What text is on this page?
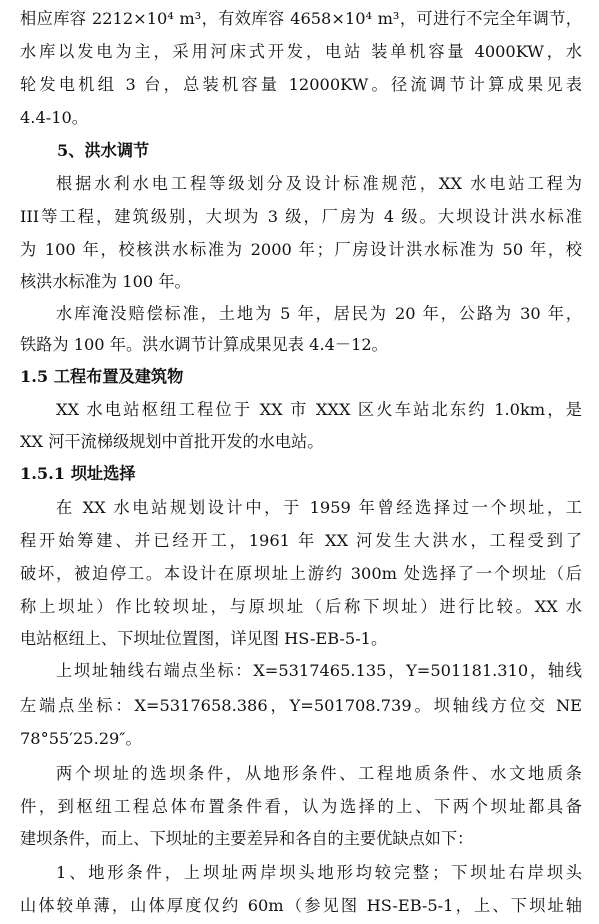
相应库容 2212×10⁴ m³，有效库容 4658×10⁴ m³，可进行不完全年调节，
水库以发电为主，采用河床式开发，电站 装单机容量 4000KW，水
轮发电机组 3 台，总装机容量 12000KW。径流调节计算成果见表
4.4-10。
5、洪水调节
根据水利水电工程等级划分及设计标准规范，XX 水电站工程为
III等工程，建筑级别，大坝为 3 级，厂房为 4 级。大坝设计洪水标准
为 100 年，校核洪水标准为 2000 年；厂房设计洪水标准为 50 年，校
核洪水标准为 100 年。
水库淹没赔偿标准，土地为 5 年，居民为 20 年，公路为 30 年，
铁路为 100 年。洪水调节计算成果见表 4.4－12。
1.5 工程布置及建筑物
XX 水电站枢纽工程位于 XX 市 XXX 区火车站北东约 1.0km，是
XX 河干流梯级规划中首批开发的水电站。
1.5.1 坝址选择
在 XX 水电站规划设计中，于 1959 年曾经选择过一个坝址，工
程开始筹建、并已经开工，1961 年 XX 河发生大洪水，工程受到了
破坏，被迫停工。本设计在原坝址上游约 300m 处选择了一个坝址（后
称上坝址）作比较坝址，与原坝址（后称下坝址）进行比较。XX 水
电站枢纽上、下坝址位置图，详见图 HS-EB-5-1。
上坝址轴线右端点坐标：X=5317465.135，Y=501181.310，轴线
左端点坐标：X=5317658.386，Y=501708.739。坝轴线方位交 NE
78°55′25.29″。
两个坝址的选坝条件，从地形条件、工程地质条件、水文地质条
件，到枢纽工程总体布置条件看，认为选择的上、下两个坝址都具备
建坝条件，而上、下坝址的主要差异和各自的主要优缺点如下：
1、地形条件，上坝址两岸坝头地形均较完整；下坝址右岸坝头
山体较单薄，山体厚度仅约 60m（参见图 HS-EB-5-1，上、下坝址轴
